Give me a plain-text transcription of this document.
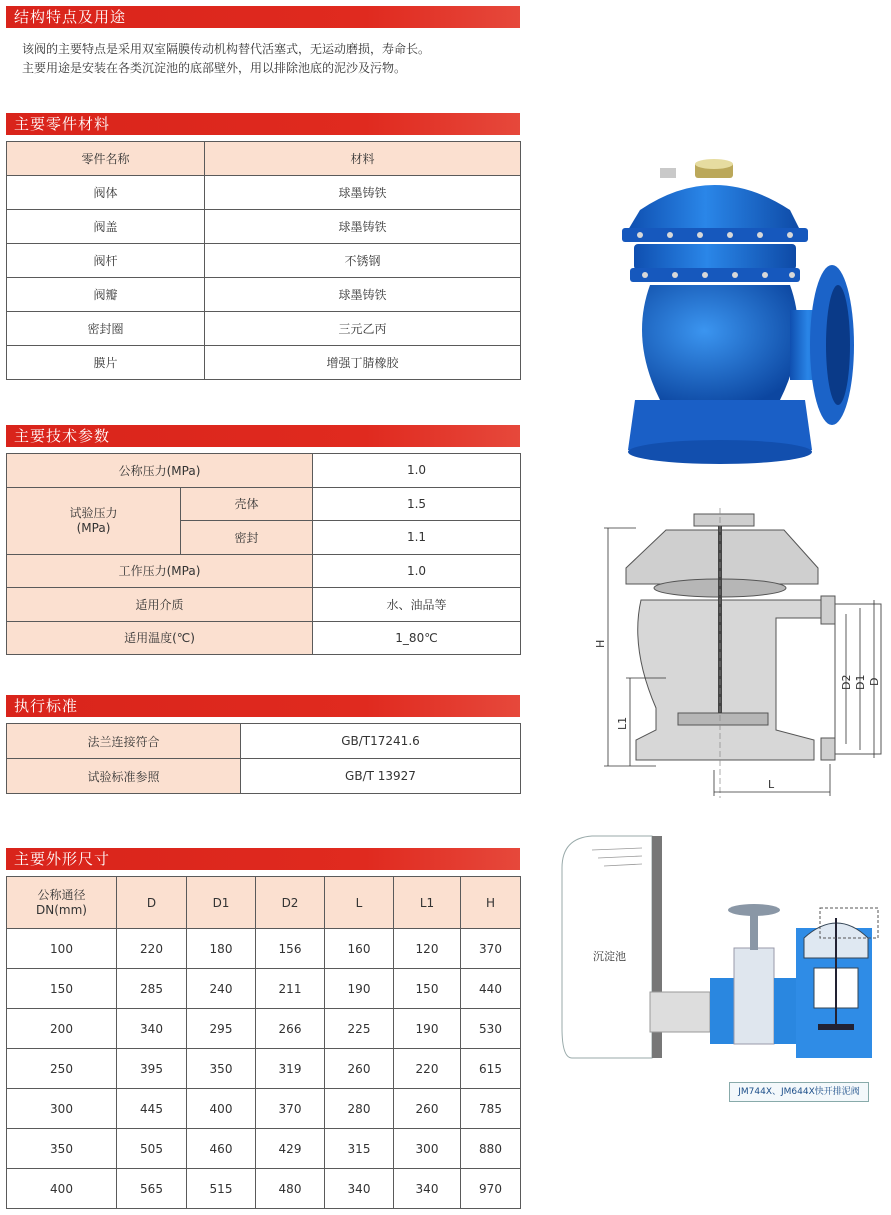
结构特点及用途
该阀的主要特点是采用双室隔膜传动机构替代活塞式，无运动磨损，寿命长。
主要用途是安装在各类沉淀池的底部壁外，用以排除池底的泥沙及污物。
主要零件材料
零件名称	材料
阀体	球墨铸铁
阀盖	球墨铸铁
阀杆	不锈钢
阀瓣	球墨铸铁
密封圈	三元乙丙
膜片	增强丁腈橡胶
主要技术参数
公称压力(MPa)		1.0

试验压力
(MPa)	壳体	1.5
	密封	1.1
工作压力(MPa)		1.0
适用介质		水、油品等
适用温度(℃)		1_80℃
执行标准
法兰连接符合	GB/T17241.6
试验标准参照	GB/T 13927
主要外形尺寸
公称通径
DN(mm)	D	D1	D2	L	L1	H
100	220	180	156	160	120	370
150	285	240	211	190	150	440
200	340	295	266	225	190	530
250	395	350	319	260	220	615
300	445	400	370	280	260	785
350	505	460	429	315	300	880
400	565	515	480	340	340	970
H
L1
L
D2 D1 D
沉淀池
JM744X、JM644X快开排泥阀
